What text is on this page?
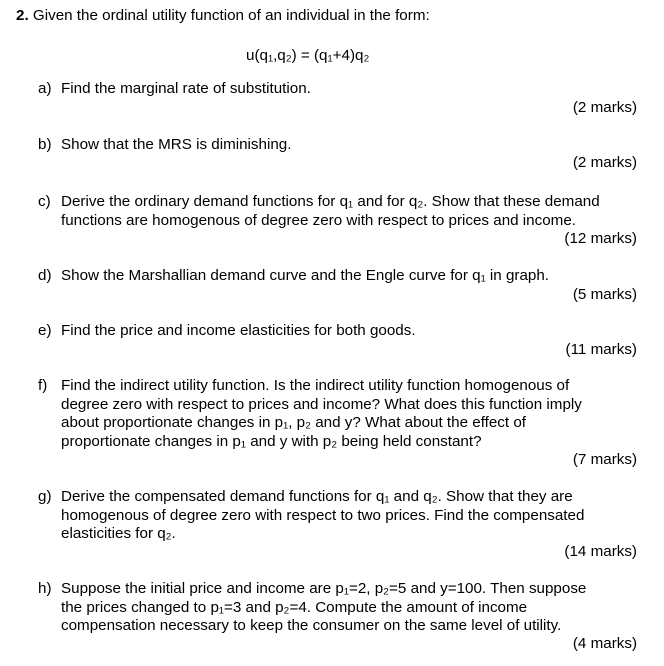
2. Given the ordinal utility function of an individual in the form:
u(q₁,q₂) = (q₁+4)q₂
a) Find the marginal rate of substitution.
(2 marks)
b) Show that the MRS is diminishing.
(2 marks)
c) Derive the ordinary demand functions for q₁ and for q₂. Show that these demand
functions are homogenous of degree zero with respect to prices and income.
(12 marks)
d) Show the Marshallian demand curve and the Engle curve for q₁ in graph.
(5 marks)
e) Find the price and income elasticities for both goods.
(11 marks)
f) Find the indirect utility function. Is the indirect utility function homogenous of
degree zero with respect to prices and income? What does this function imply
about proportionate changes in p₁, p₂ and y? What about the effect of
proportionate changes in p₁ and y with p₂ being held constant?
(7 marks)
g) Derive the compensated demand functions for q₁ and q₂. Show that they are
homogenous of degree zero with respect to two prices. Find the compensated
elasticities for q₂.
(14 marks)
h) Suppose the initial price and income are p₁=2, p₂=5 and y=100. Then suppose
the prices changed to p₁=3 and p₂=4. Compute the amount of income
compensation necessary to keep the consumer on the same level of utility.
(4 marks)
